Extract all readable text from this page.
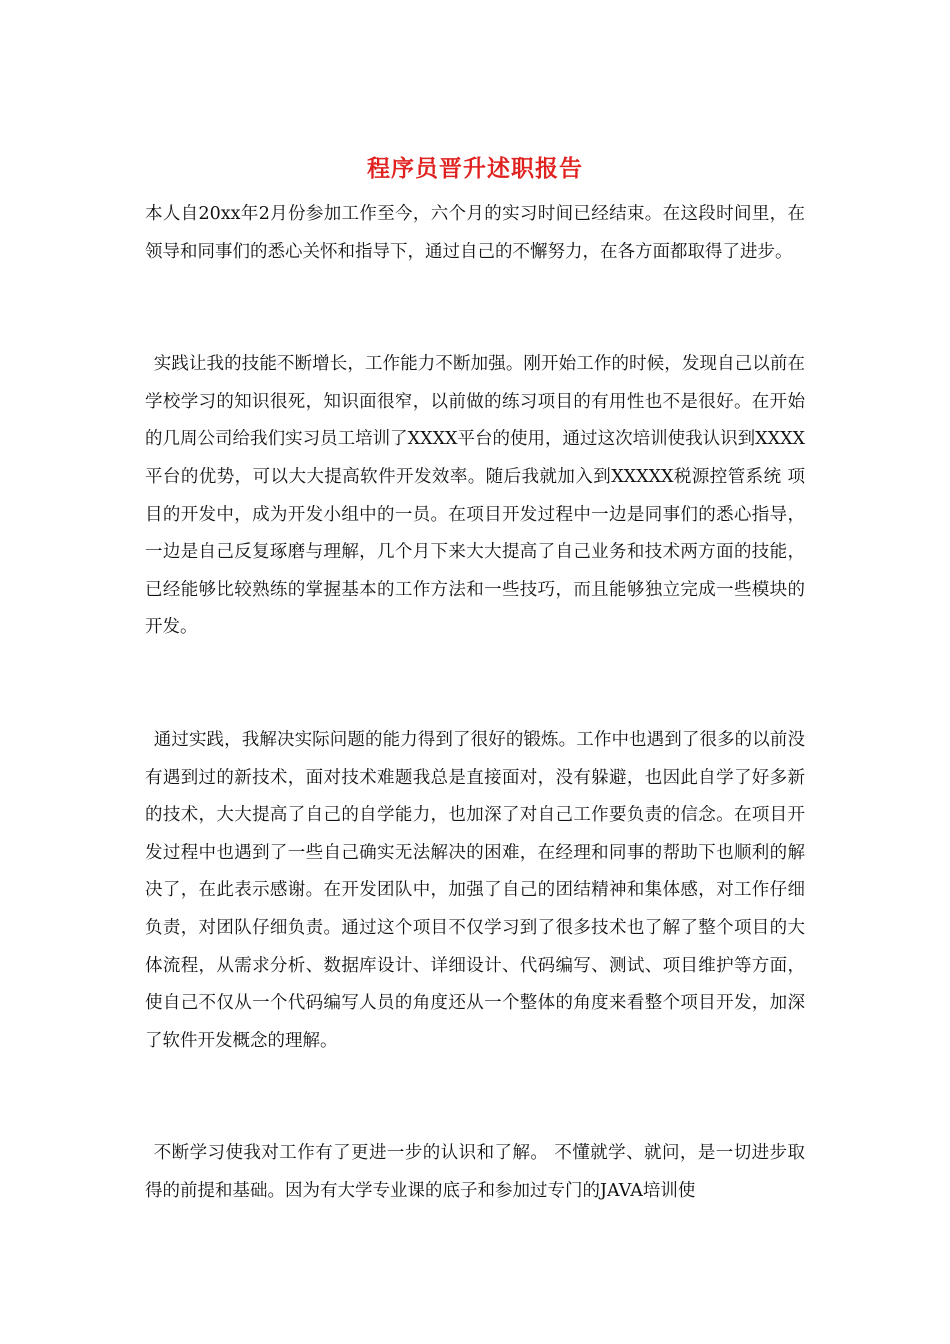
程序员晋升述职报告

本人自20xx年2月份参加工作至今，六个月的实习时间已经结束。在这段时间里，在领导和同事们的悉心关怀和指导下，通过自己的不懈努力，在各方面都取得了进步。

实践让我的技能不断增长，工作能力不断加强。刚开始工作的时候，发现自己以前在学校学习的知识很死，知识面很窄，以前做的练习项目的有用性也不是很好。在开始的几周公司给我们实习员工培训了XXXX平台的使用，通过这次培训使我认识到XXXX平台的优势，可以大大提高软件开发效率。随后我就加入到XXXXX税源控管系统 项目的开发中，成为开发小组中的一员。在项目开发过程中一边是同事们的悉心指导，一边是自己反复琢磨与理解，几个月下来大大提高了自己业务和技术两方面的技能，已经能够比较熟练的掌握基本的工作方法和一些技巧，而且能够独立完成一些模块的开发。

通过实践，我解决实际问题的能力得到了很好的锻炼。工作中也遇到了很多的以前没有遇到过的新技术，面对技术难题我总是直接面对，没有躲避，也因此自学了好多新的技术，大大提高了自己的自学能力，也加深了对自己工作要负责的信念。在项目开发过程中也遇到了一些自己确实无法解决的困难，在经理和同事的帮助下也顺利的解决了，在此表示感谢。在开发团队中，加强了自己的团结精神和集体感，对工作仔细负责，对团队仔细负责。通过这个项目不仅学习到了很多技术也了解了整个项目的大体流程，从需求分析、数据库设计、详细设计、代码编写、测试、项目维护等方面，使自己不仅从一个代码编写人员的角度还从一个整体的角度来看整个项目开发，加深了软件开发概念的理解。

不断学习使我对工作有了更进一步的认识和了解。 不懂就学、就问，是一切进步取得的前提和基础。因为有大学专业课的底子和参加过专门的JAVA培训使
